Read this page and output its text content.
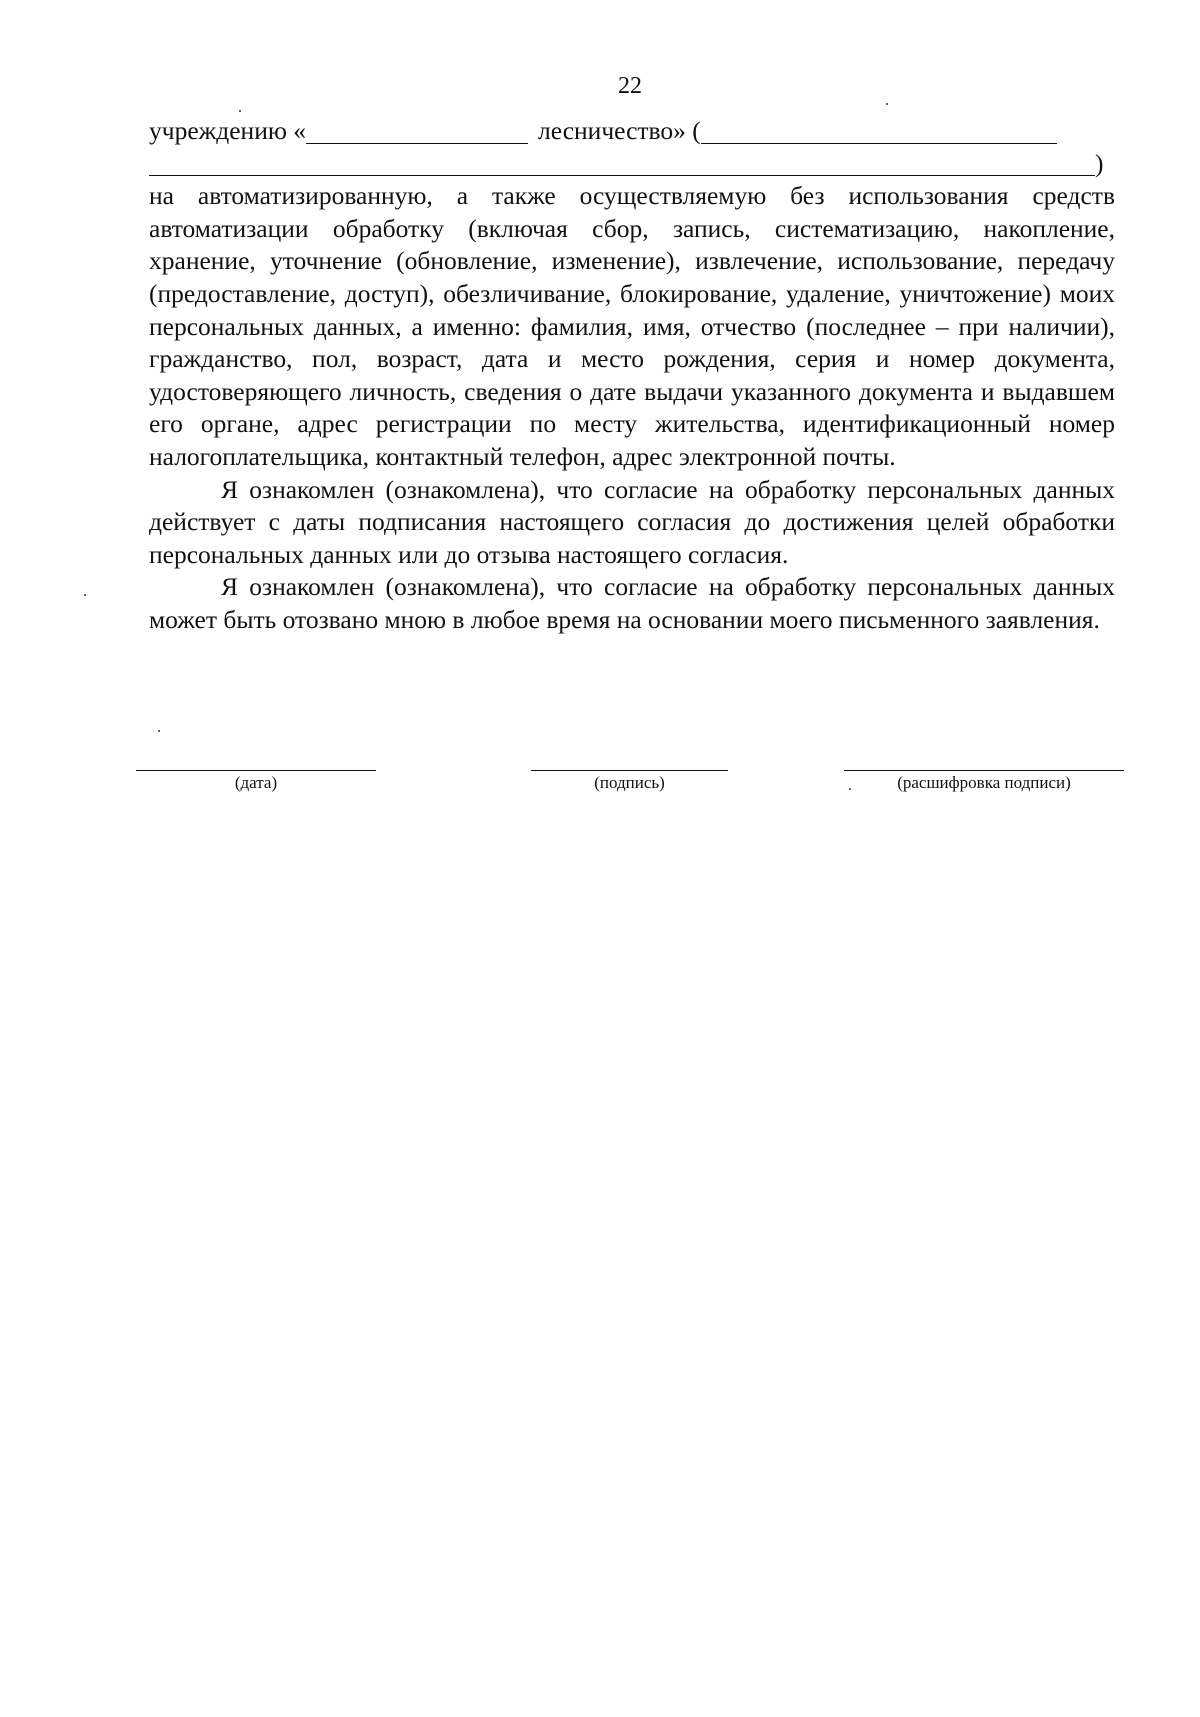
22
учреждению «	лесничество» (
)

на автоматизированную, а также осуществляемую без использования средств автоматизации обработку (включая сбор, запись, систематизацию, накопление, хранение, уточнение (обновление, изменение), извлечение, использование, передачу (предоставление, доступ), обезличивание, блокирование, удаление, уничтожение) моих персональных данных, а именно: фамилия, имя, отчество (последнее – при наличии), гражданство, пол, возраст, дата и место рождения, серия и номер документа, удостоверяющего личность, сведения о дате выдачи указанного документа и выдавшем его органе, адрес регистрации по месту жительства, идентификационный номер налогоплательщика, контактный телефон, адрес электронной почты.

Я ознакомлен (ознакомлена), что согласие на обработку персональных данных действует с даты подписания настоящего согласия до достижения целей обработки персональных данных или до отзыва настоящего согласия.

Я ознакомлен (ознакомлена), что согласие на обработку персональных данных может быть отозвано мною в любое время на основании моего письменного заявления.

(дата)	(подпись)	(расшифровка подписи)
